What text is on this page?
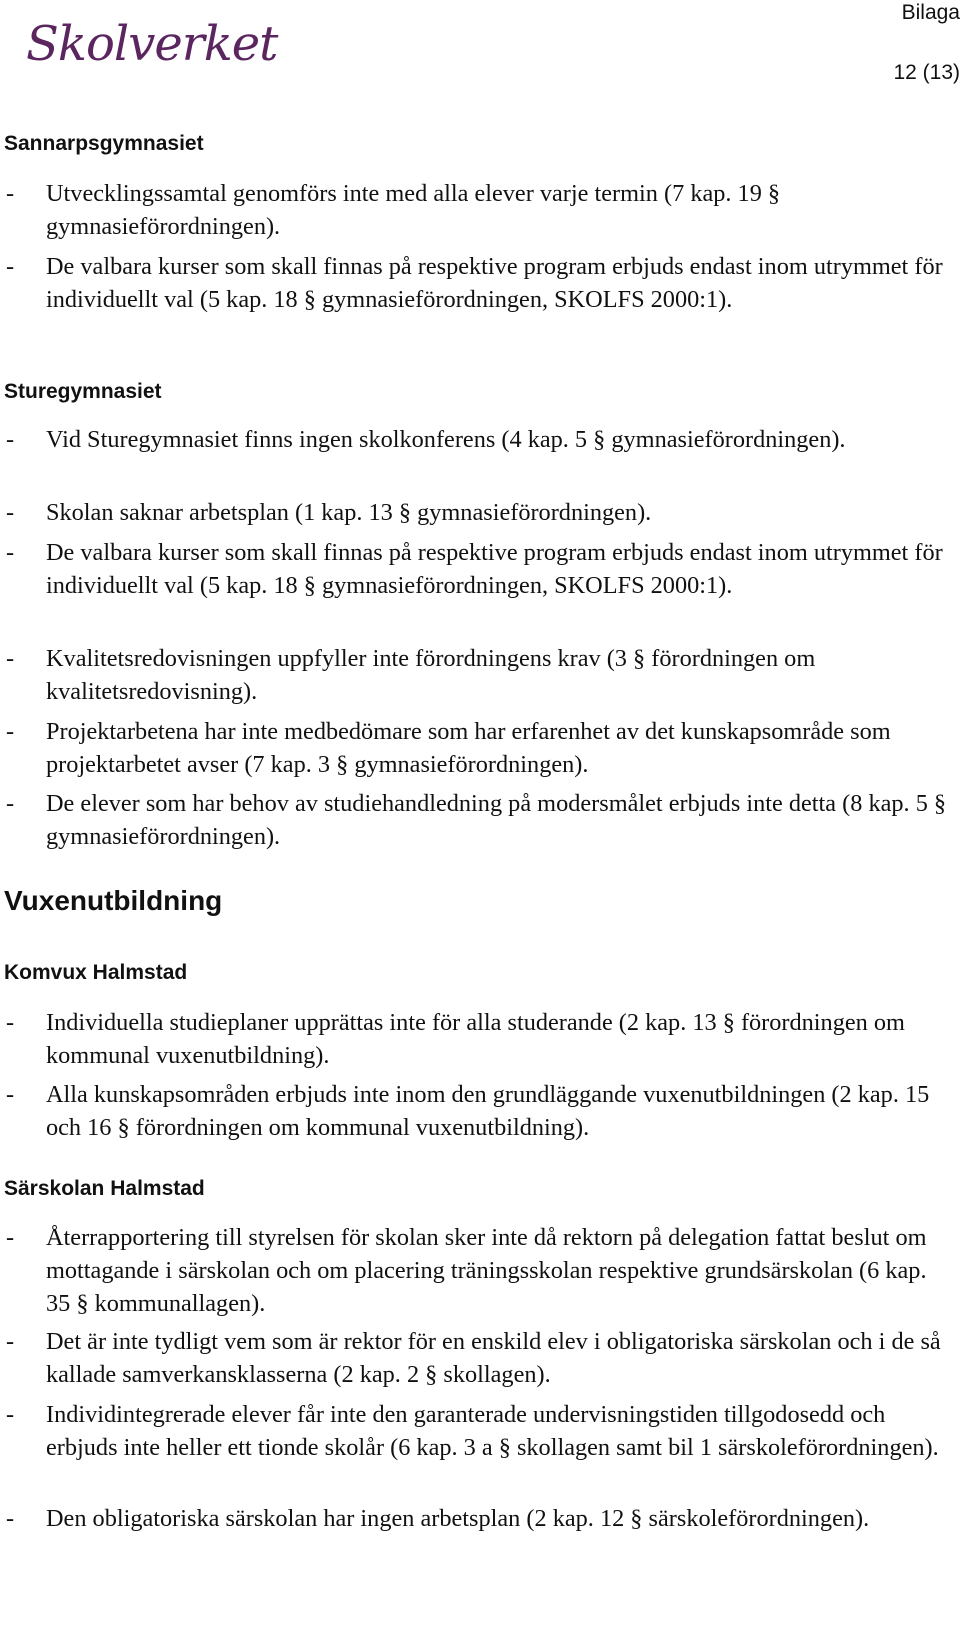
Skolverket
Bilaga
12 (13)
Sannarpsgymnasiet
- Utvecklingssamtal genomförs inte med alla elever varje termin (7 kap. 19 § gymnasieförordningen).
- De valbara kurser som skall finnas på respektive program erbjuds endast inom utrymmet för individuellt val (5 kap. 18 § gymnasieförordningen, SKOLFS 2000:1).
Sturegymnasiet
- Vid Sturegymnasiet finns ingen skolkonferens (4 kap. 5 § gymnasieförordningen).
- Skolan saknar arbetsplan (1 kap. 13 § gymnasieförordningen).
- De valbara kurser som skall finnas på respektive program erbjuds endast inom utrymmet för individuellt val (5 kap. 18 § gymnasieförordningen, SKOLFS 2000:1).
- Kvalitetsredovisningen uppfyller inte förordningens krav (3 § förordningen om kvalitetsredovisning).
- Projektarbetena har inte medbedömare som har erfarenhet av det kunskapsområde som projektarbetet avser (7 kap. 3 § gymnasieförordningen).
- De elever som har behov av studiehandledning på modersmålet erbjuds inte detta (8 kap. 5 § gymnasieförordningen).
Vuxenutbildning
Komvux Halmstad
- Individuella studieplaner upprättas inte för alla studerande (2 kap. 13 § förordningen om kommunal vuxenutbildning).
- Alla kunskapsområden erbjuds inte inom den grundläggande vuxenutbildningen (2 kap. 15 och 16 § förordningen om kommunal vuxenutbildning).
Särskolan Halmstad
- Återrapportering till styrelsen för skolan sker inte då rektorn på delegation fattat beslut om mottagande i särskolan och om placering träningsskolan respektive grundsärskolan (6 kap. 35 § kommunallagen).
- Det är inte tydligt vem som är rektor för en enskild elev i obligatoriska särskolan och i de så kallade samverkansklasserna (2 kap. 2 § skollagen).
- Individintegrerade elever får inte den garanterade undervisningstiden tillgodosedd och erbjuds inte heller ett tionde skolår (6 kap. 3 a § skollagen samt bil 1 särskoleförordningen).
- Den obligatoriska särskolan har ingen arbetsplan (2 kap. 12 § särskoleförordningen).
